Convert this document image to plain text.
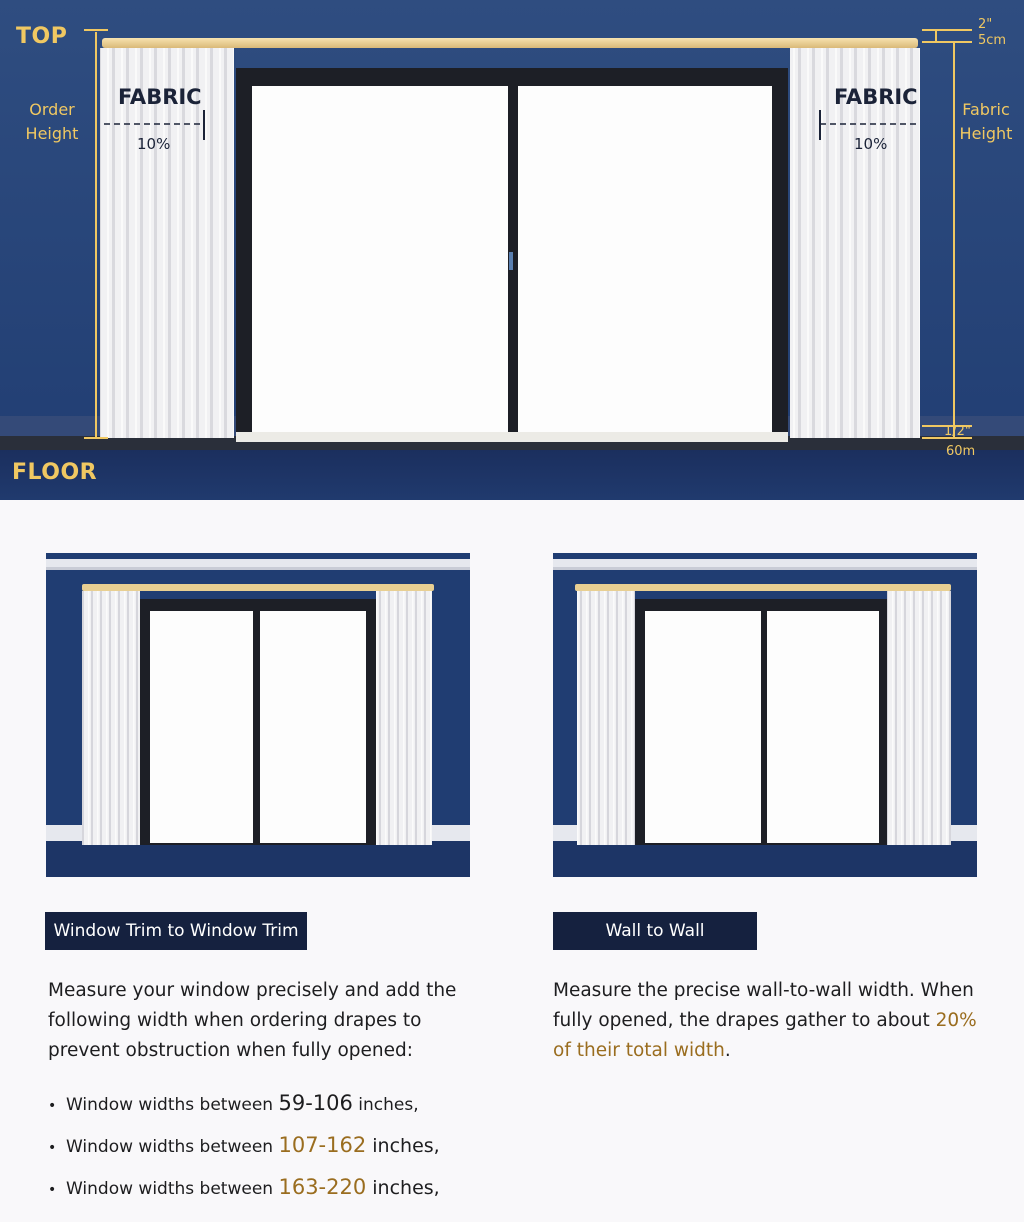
TOP
FLOOR
Order
Height
Fabric
Height
FABRIC	FABRIC
10%	10%
2"
5cm
1/2"
60m
Window Trim to Window Trim	Wall to Wall
Measure your window precisely and add the following width when ordering drapes to prevent obstruction when fully opened:
Measure the precise wall-to-wall width. When fully opened, the drapes gather to about 20% of their total width.
• Window widths between 59-106 inches,
• Window widths between 107-162 inches,
• Window widths between 163-220 inches,
